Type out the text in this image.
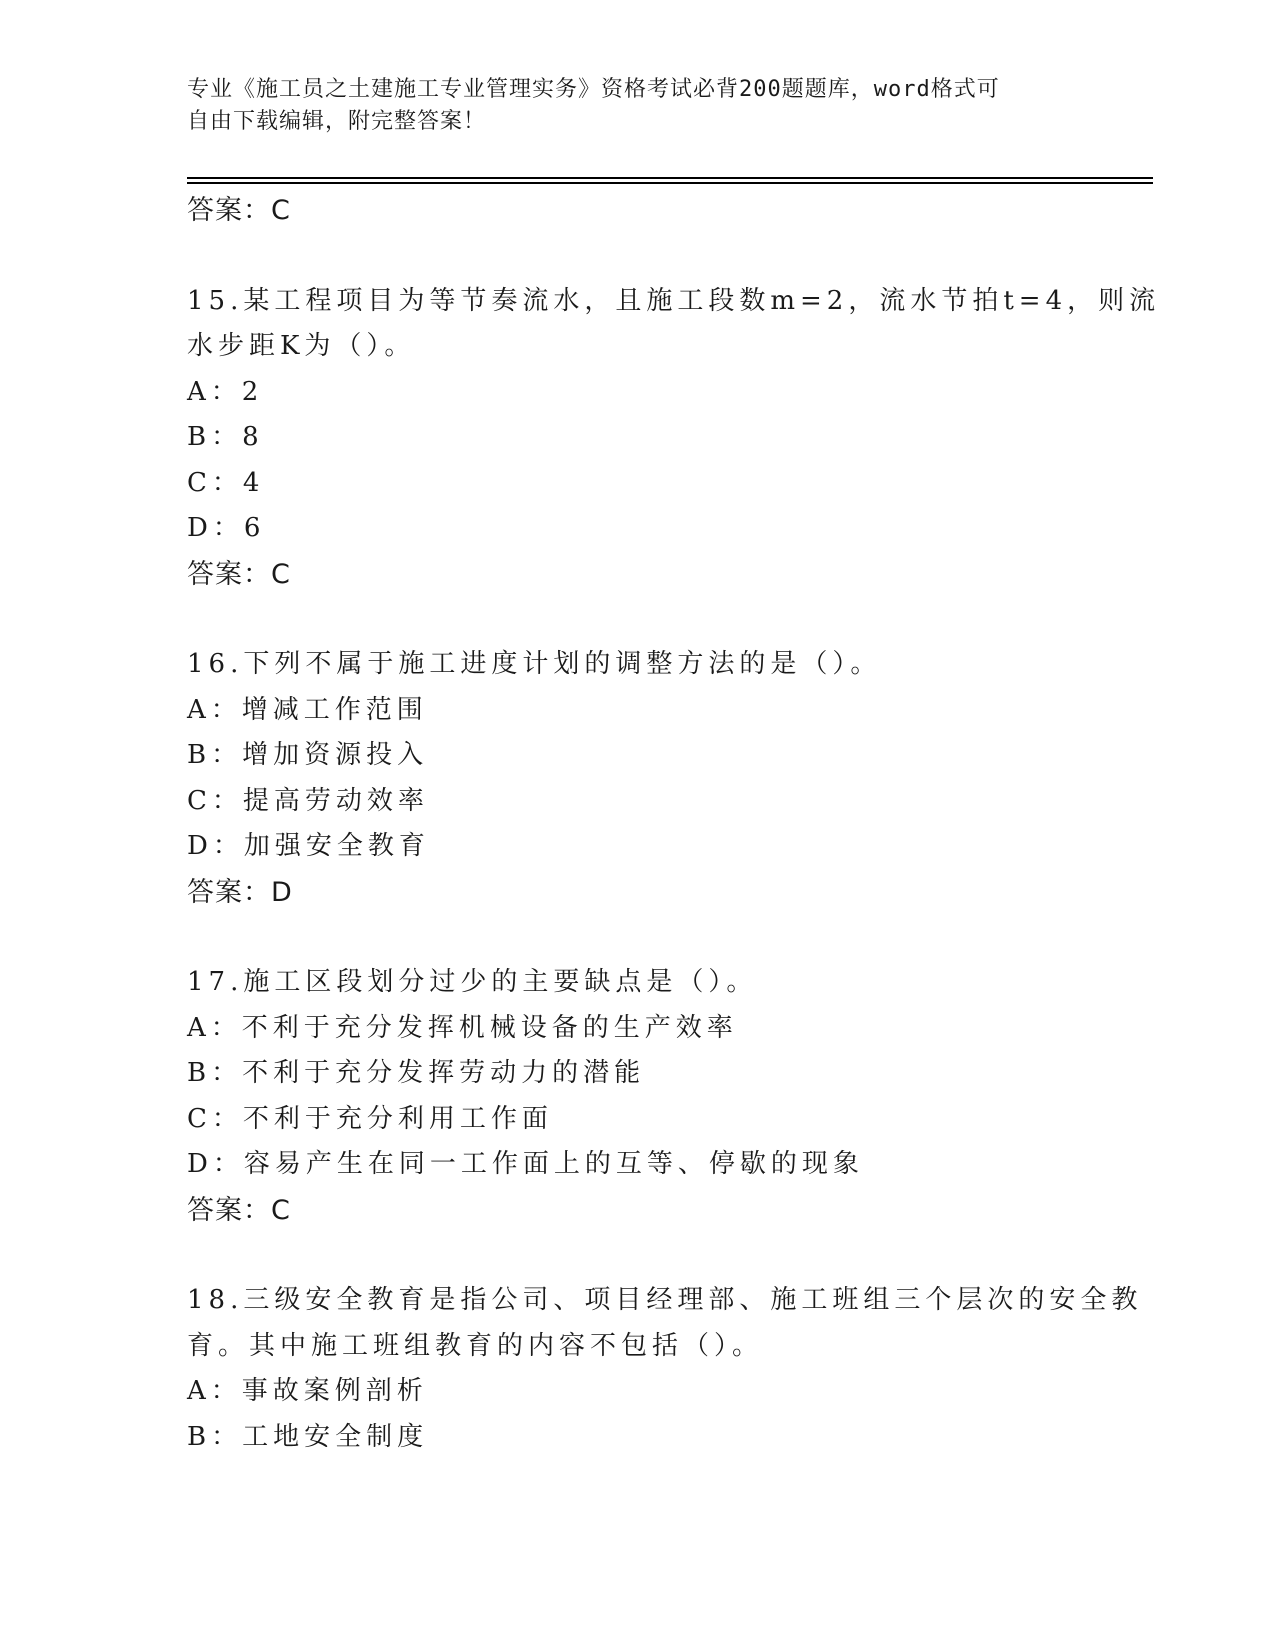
专业《施工员之土建施工专业管理实务》资格考试必背200题题库，word格式可
自由下载编辑，附完整答案！
答案：C
15.某工程项目为等节奏流水，且施工段数m=2，流水节拍t=4，则流
水步距K为（）。
A：2
B：8
C：4
D：6
答案：C
16.下列不属于施工进度计划的调整方法的是（）。
A：增减工作范围
B：增加资源投入
C：提高劳动效率
D：加强安全教育
答案：D
17.施工区段划分过少的主要缺点是（）。
A：不利于充分发挥机械设备的生产效率
B：不利于充分发挥劳动力的潜能
C：不利于充分利用工作面
D：容易产生在同一工作面上的互等、停歇的现象
答案：C
18.三级安全教育是指公司、项目经理部、施工班组三个层次的安全教
育。其中施工班组教育的内容不包括（）。
A：事故案例剖析
B：工地安全制度
